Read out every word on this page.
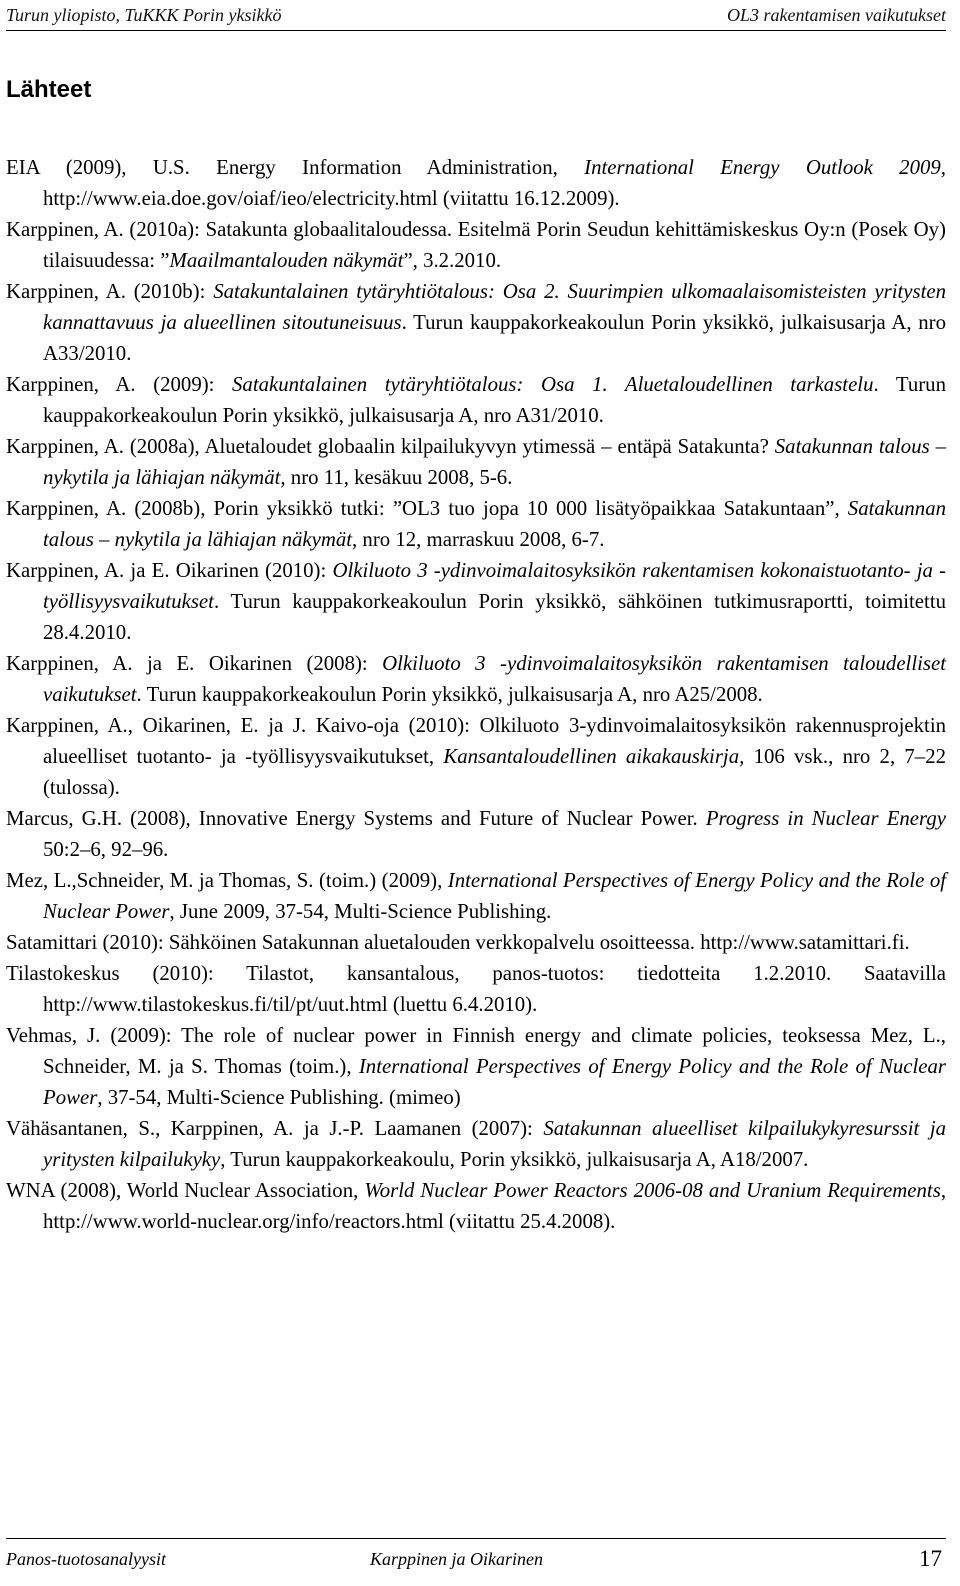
Turun yliopisto, TuKKK Porin yksikkö	OL3 rakentamisen vaikutukset
Lähteet
EIA (2009), U.S. Energy Information Administration, International Energy Outlook 2009, http://www.eia.doe.gov/oiaf/ieo/electricity.html (viitattu 16.12.2009).
Karppinen, A. (2010a): Satakunta globaalitaloudessa. Esitelmä Porin Seudun kehittämiskeskus Oy:n (Posek Oy) tilaisuudessa: ”Maailmantalouden näkymät”, 3.2.2010.
Karppinen, A. (2010b): Satakuntalainen tytäryhtiötalous: Osa 2. Suurimpien ulkomaalaisomisteisten yritysten kannattavuus ja alueellinen sitoutuneisuus. Turun kauppakorkeakoulun Porin yksikkö, julkaisusarja A, nro A33/2010.
Karppinen, A. (2009): Satakuntalainen tytäryhtiötalous: Osa 1. Aluetaloudellinen tarkastelu. Turun kauppakorkeakoulun Porin yksikkö, julkaisusarja A, nro A31/2010.
Karppinen, A. (2008a), Aluetaloudet globaalin kilpailukyvyn ytimessä – entäpä Satakunta? Satakunnan talous – nykytila ja lähiajan näkymät, nro 11, kesäkuu 2008, 5-6.
Karppinen, A. (2008b), Porin yksikkö tutki: ”OL3 tuo jopa 10 000 lisätyöpaikkaa Satakuntaan”, Satakunnan talous – nykytila ja lähiajan näkymät, nro 12, marraskuu 2008, 6-7.
Karppinen, A. ja E. Oikarinen (2010): Olkiluoto 3 -ydinvoimalaitosyksikön rakentamisen kokonaistuotanto- ja -työllisyysvaikutukset. Turun kauppakorkeakoulun Porin yksikkö, sähköinen tutkimusraportti, toimitettu 28.4.2010.
Karppinen, A. ja E. Oikarinen (2008): Olkiluoto 3 -ydinvoimalaitosyksikön rakentamisen taloudelliset vaikutukset. Turun kauppakorkeakoulun Porin yksikkö, julkaisusarja A, nro A25/2008.
Karppinen, A., Oikarinen, E. ja J. Kaivo-oja (2010): Olkiluoto 3-ydinvoimalaitosyksikön rakennusprojektin alueelliset tuotanto- ja -työllisyysvaikutukset, Kansantaloudellinen aikakauskirja, 106 vsk., nro 2, 7–22 (tulossa).
Marcus, G.H. (2008), Innovative Energy Systems and Future of Nuclear Power. Progress in Nuclear Energy 50:2–6, 92–96.
Mez, L.,Schneider, M. ja Thomas, S. (toim.) (2009), International Perspectives of Energy Policy and the Role of Nuclear Power, June 2009, 37-54, Multi-Science Publishing.
Satamittari (2010): Sähköinen Satakunnan aluetalouden verkkopalvelu osoitteessa. http://www.satamittari.fi.
Tilastokeskus (2010): Tilastot, kansantalous, panos-tuotos: tiedotteita 1.2.2010. Saatavilla http://www.tilastokeskus.fi/til/pt/uut.html (luettu 6.4.2010).
Vehmas, J. (2009): The role of nuclear power in Finnish energy and climate policies, teoksessa Mez, L., Schneider, M. ja S. Thomas (toim.), International Perspectives of Energy Policy and the Role of Nuclear Power, 37-54, Multi-Science Publishing. (mimeo)
Vähäsantanen, S., Karppinen, A. ja J.-P. Laamanen (2007): Satakunnan alueelliset kilpailukykyresurssit ja yritysten kilpailukyky, Turun kauppakorkeakoulu, Porin yksikkö, julkaisusarja A, A18/2007.
WNA (2008), World Nuclear Association, World Nuclear Power Reactors 2006-08 and Uranium Requirements, http://www.world-nuclear.org/info/reactors.html (viitattu 25.4.2008).
Panos-tuotosanalyysit	Karppinen ja Oikarinen	17
